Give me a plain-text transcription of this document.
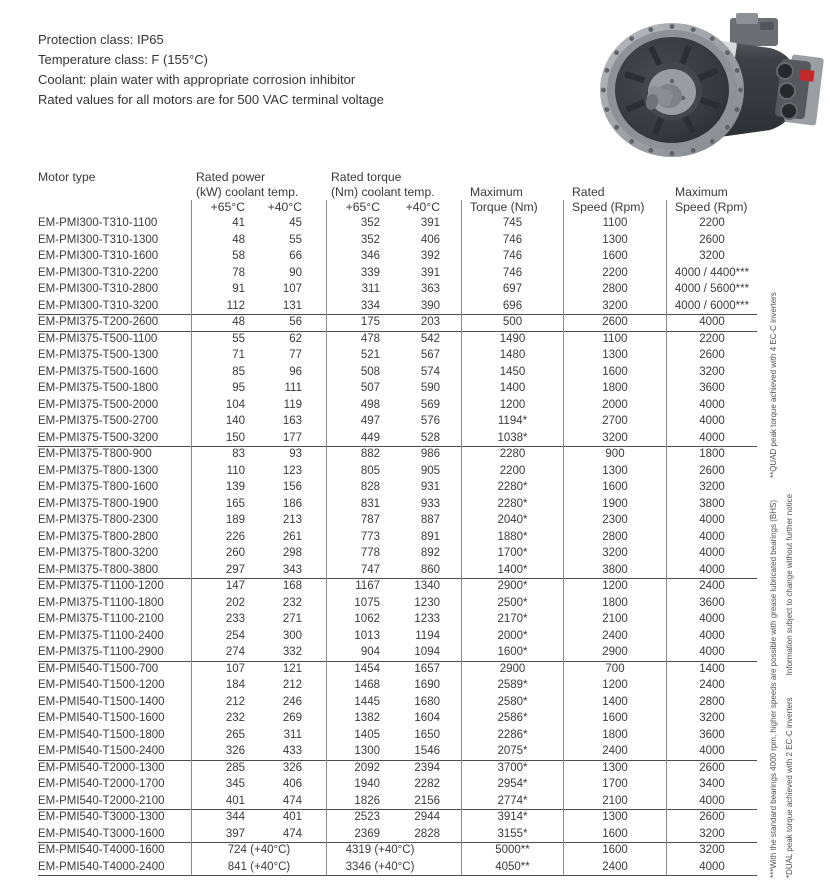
Protection class: IP65
Temperature class: F (155°C)
Coolant: plain water with appropriate corrosion inhibitor
Rated values for all motors are for 500 VAC terminal voltage
Motor type	Rated power	Rated torque
(kW) coolant temp.	(Nm) coolant temp.	Maximum	Rated	Maximum
+65°C	+40°C	+65°C	+40°C	Torque (Nm)	Speed (Rpm)	Speed (Rpm)
EM-PMI300-T310-1100	41	45	352	391	745	1100	2200
EM-PMI300-T310-1300	48	55	352	406	746	1300	2600
EM-PMI300-T310-1600	58	66	346	392	746	1600	3200
EM-PMI300-T310-2200	78	90	339	391	746	2200	4000 / 4400***
EM-PMI300-T310-2800	91	107	311	363	697	2800	4000 / 5600***
EM-PMI300-T310-3200	112	131	334	390	696	3200	4000 / 6000***
EM-PMI375-T200-2600	48	56	175	203	500	2600	4000
EM-PMI375-T500-1100	55	62	478	542	1490	1100	2200
EM-PMI375-T500-1300	71	77	521	567	1480	1300	2600
EM-PMI375-T500-1600	85	96	508	574	1450	1600	3200
EM-PMI375-T500-1800	95	111	507	590	1400	1800	3600
EM-PMI375-T500-2000	104	119	498	569	1200	2000	4000
EM-PMI375-T500-2700	140	163	497	576	1194*	2700	4000
EM-PMI375-T500-3200	150	177	449	528	1038*	3200	4000
EM-PMI375-T800-900	83	93	882	986	2280	900	1800
EM-PMI375-T800-1300	110	123	805	905	2200	1300	2600
EM-PMI375-T800-1600	139	156	828	931	2280*	1600	3200
EM-PMI375-T800-1900	165	186	831	933	2280*	1900	3800
EM-PMI375-T800-2300	189	213	787	887	2040*	2300	4000
EM-PMI375-T800-2800	226	261	773	891	1880*	2800	4000
EM-PMI375-T800-3200	260	298	778	892	1700*	3200	4000
EM-PMI375-T800-3800	297	343	747	860	1400*	3800	4000
EM-PMI375-T1100-1200	147	168	1167	1340	2900*	1200	2400
EM-PMI375-T1100-1800	202	232	1075	1230	2500*	1800	3600
EM-PMI375-T1100-2100	233	271	1062	1233	2170*	2100	4000
EM-PMI375-T1100-2400	254	300	1013	1194	2000*	2400	4000
EM-PMI375-T1100-2900	274	332	904	1094	1600*	2900	4000
EM-PMI540-T1500-700	107	121	1454	1657	2900	700	1400
EM-PMI540-T1500-1200	184	212	1468	1690	2589*	1200	2400
EM-PMI540-T1500-1400	212	246	1445	1680	2580*	1400	2800
EM-PMI540-T1500-1600	232	269	1382	1604	2586*	1600	3200
EM-PMI540-T1500-1800	265	311	1405	1650	2286*	1800	3600
EM-PMI540-T1500-2400	326	433	1300	1546	2075*	2400	4000
EM-PMI540-T2000-1300	285	326	2092	2394	3700*	1300	2600
EM-PMI540-T2000-1700	345	406	1940	2282	2954*	1700	3400
EM-PMI540-T2000-2100	401	474	1826	2156	2774*	2100	4000
EM-PMI540-T3000-1300	344	401	2523	2944	3914*	1300	2600
EM-PMI540-T3000-1600	397	474	2369	2828	3155*	1600	3200
EM-PMI540-T4000-1600	724 (+40°C)	4319 (+40°C)	5000**	1600	3200
EM-PMI540-T4000-2400	841 (+40°C)	3346 (+40°C)	4050**	2400	4000	***With the standard bearings 4000 rpm, higher speeds are possible with grease lubricated bearings (BHS)**QUAD peak torque achieved with 4 EC-C inverters
*DUAL peak torque achieved with 2 EC-C invertersInformation subject to change without further notice
